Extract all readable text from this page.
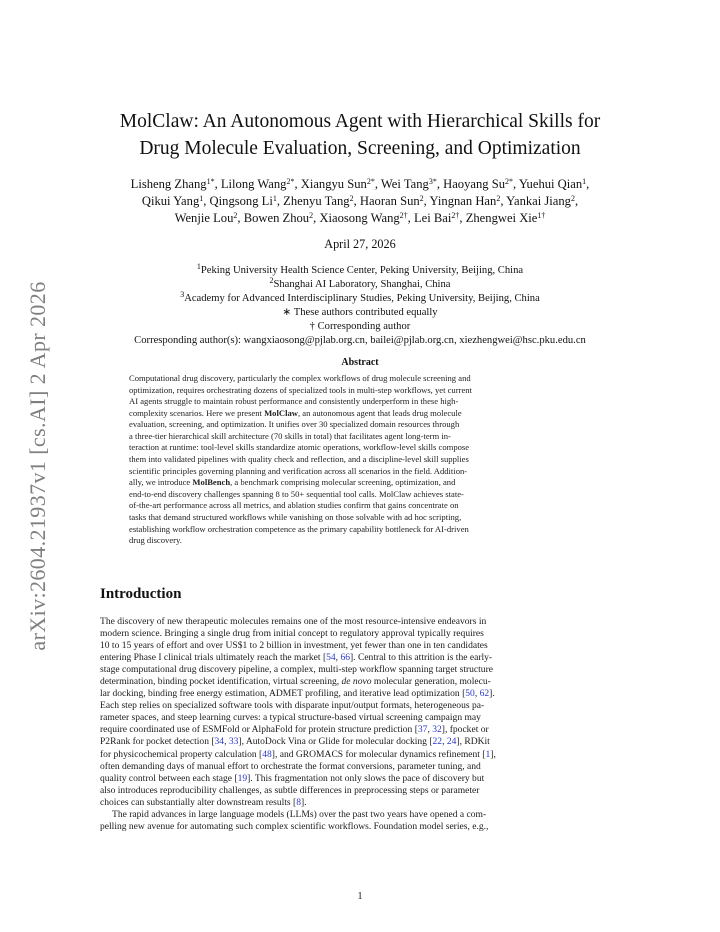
arXiv:2604.21937v1 [cs.AI] 2 Apr 2026
MolClaw: An Autonomous Agent with Hierarchical Skills for
Drug Molecule Evaluation, Screening, and Optimization
Lisheng Zhang$^{1*}$, Lilong Wang$^{2*}$, Xiangyu Sun$^{2*}$, Wei Tang$^{3*}$, Haoyang $Su^{2*}$, Yuehui Qian$^1$,
Qikui Yang$^1$, Qingsong Li$^1$, Zhenyu Tang$^2$, Haoran Sun$^2$, Yingnan Han$^2$, Yankai Jiang$^2$,
Wenjie Lou$^2$, Bowen Zhou$^2$, Xiaosong Wang$^{2\dagger}$, Lei Bai$^{2\dagger}$, Zhengwei Xie$^{1\dagger}$
April 27, 2026
$^1$Peking University Health Science Center, Peking University, Beijing, China
$^2$Shanghai AI Laboratory, Shanghai, China
$^3$Academy for Advanced Interdisciplinary Studies, Peking University, Beijing, China
∗ These authors contributed equally
† Corresponding author
Corresponding author(s): wangxiaosong@pjlab.org.cn, baileі@pjlab.org.cn, xiezhengwei@hsc.pku.edu.cn
Abstract
Computational drug discovery, particularly the complex workflows of drug molecule screening and
optimization, requires orchestrating dozens of specialized tools in multi-step workflows, yet current
AI agents struggle to maintain robust performance and consistently underperform in these high-
complexity scenarios. Here we present MolClaw, an autonomous agent that leads drug molecule
evaluation, screening, and optimization. It unifies over 30 specialized domain resources through
a three-tier hierarchical skill architecture (70 skills in total) that facilitates agent long-term in-
teraction at runtime: tool-level skills standardize atomic operations, workflow-level skills compose
them into validated pipelines with quality check and reflection, and a discipline-level skill supplies
scientific principles governing planning and verification across all scenarios in the field. Addition-
ally, we introduce MolBench, a benchmark comprising molecular screening, optimization, and
end-to-end discovery challenges spanning 8 to 50+ sequential tool calls. MolClaw achieves state-
of-the-art performance across all metrics, and ablation studies confirm that gains concentrate on
tasks that demand structured workflows while vanishing on those solvable with ad hoc scripting,
establishing workflow orchestration competence as the primary capability bottleneck for AI-driven
drug discovery.
Introduction
The discovery of new therapeutic molecules remains one of the most resource-intensive endeavors in
modern science. Bringing a single drug from initial concept to regulatory approval typically requires
10 to 15 years of effort and over US$1 to 2 billion in investment, yet fewer than one in ten candidates
entering Phase I clinical trials ultimately reach the market [54, 66]. Central to this attrition is the early-
stage computational drug discovery pipeline, a complex, multi-step workflow spanning target structure
determination, binding pocket identification, virtual screening, de novo molecular generation, molecu-
lar docking, binding free energy estimation, ADMET profiling, and iterative lead optimization [50, 62].
Each step relies on specialized software tools with disparate input/output formats, heterogeneous pa-
rameter spaces, and steep learning curves: a typical structure-based virtual screening campaign may
require coordinated use of ESMFold or AlphaFold for protein structure prediction [37, 32], fpocket or
P2Rank for pocket detection [34, 33], AutoDock Vina or Glide for molecular docking [22, 24], RDKit
for physicochemical property calculation [48], and GROMACS for molecular dynamics refinement [1],
often demanding days of manual effort to orchestrate the format conversions, parameter tuning, and
quality control between each stage [19]. This fragmentation not only slows the pace of discovery but
also introduces reproducibility challenges, as subtle differences in preprocessing steps or parameter
choices can substantially alter downstream results [8].
The rapid advances in large language models (LLMs) over the past two years have opened a com-
pelling new avenue for automating such complex scientific workflows. Foundation model series, e.g.,
1
